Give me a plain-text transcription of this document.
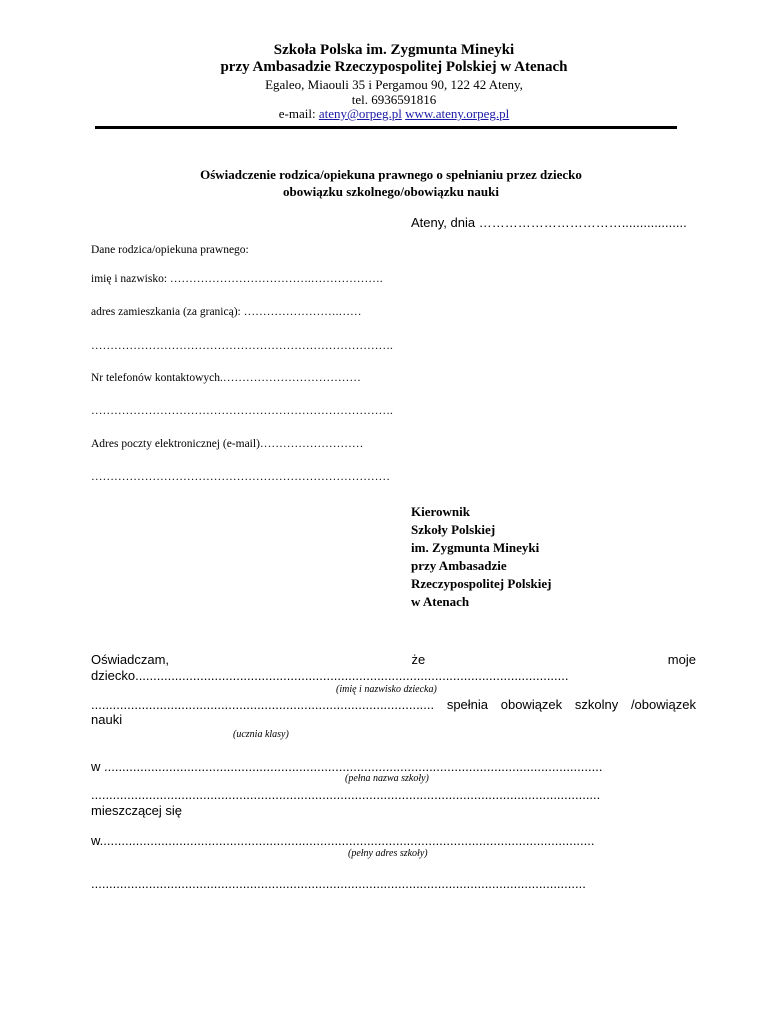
Szkoła Polska im. Zygmunta Mineyki
przy Ambasadzie Rzeczypospolitej Polskiej w Atenach
Egaleo, Miaouli 35 i Pergamou 90, 122 42 Ateny,
tel. 6936591816
e-mail: ateny@orpeg.pl www.ateny.orpeg.pl
Oświadczenie rodzica/opiekuna prawnego o spełnianiu przez dziecko
obowiązku szkolnego/obowiązku nauki
Ateny, dnia ……………………………..................
Dane rodzica/opiekuna prawnego:
imię i nazwisko: ……………………………….……………….
adres zamieszkania (za granicą): …………………….……
…………………………………………………………………….
Nr telefonów kontaktowych.………………………………
…………………………………………………………………….
Adres poczty elektronicznej (e-mail)………………………
……………………………………………………………………
Kierownik
Szkoły Polskiej
im. Zygmunta Mineyki
przy Ambasadzie
Rzeczypospolitej Polskiej
w Atenach
Oświadczam,	że	moje
dziecko........................................................................................................................
(imię i nazwisko dziecka)
............................................................................................... spełnia obowiązek szkolny /obowiązek
nauki
(ucznia klasy)
w ..........................................................................................................................................
(pełna nazwa szkoły)
.............................................................................................................................................
mieszczącej się
w.........................................................................................................................................
(pełny adres szkoły)
.........................................................................................................................................
